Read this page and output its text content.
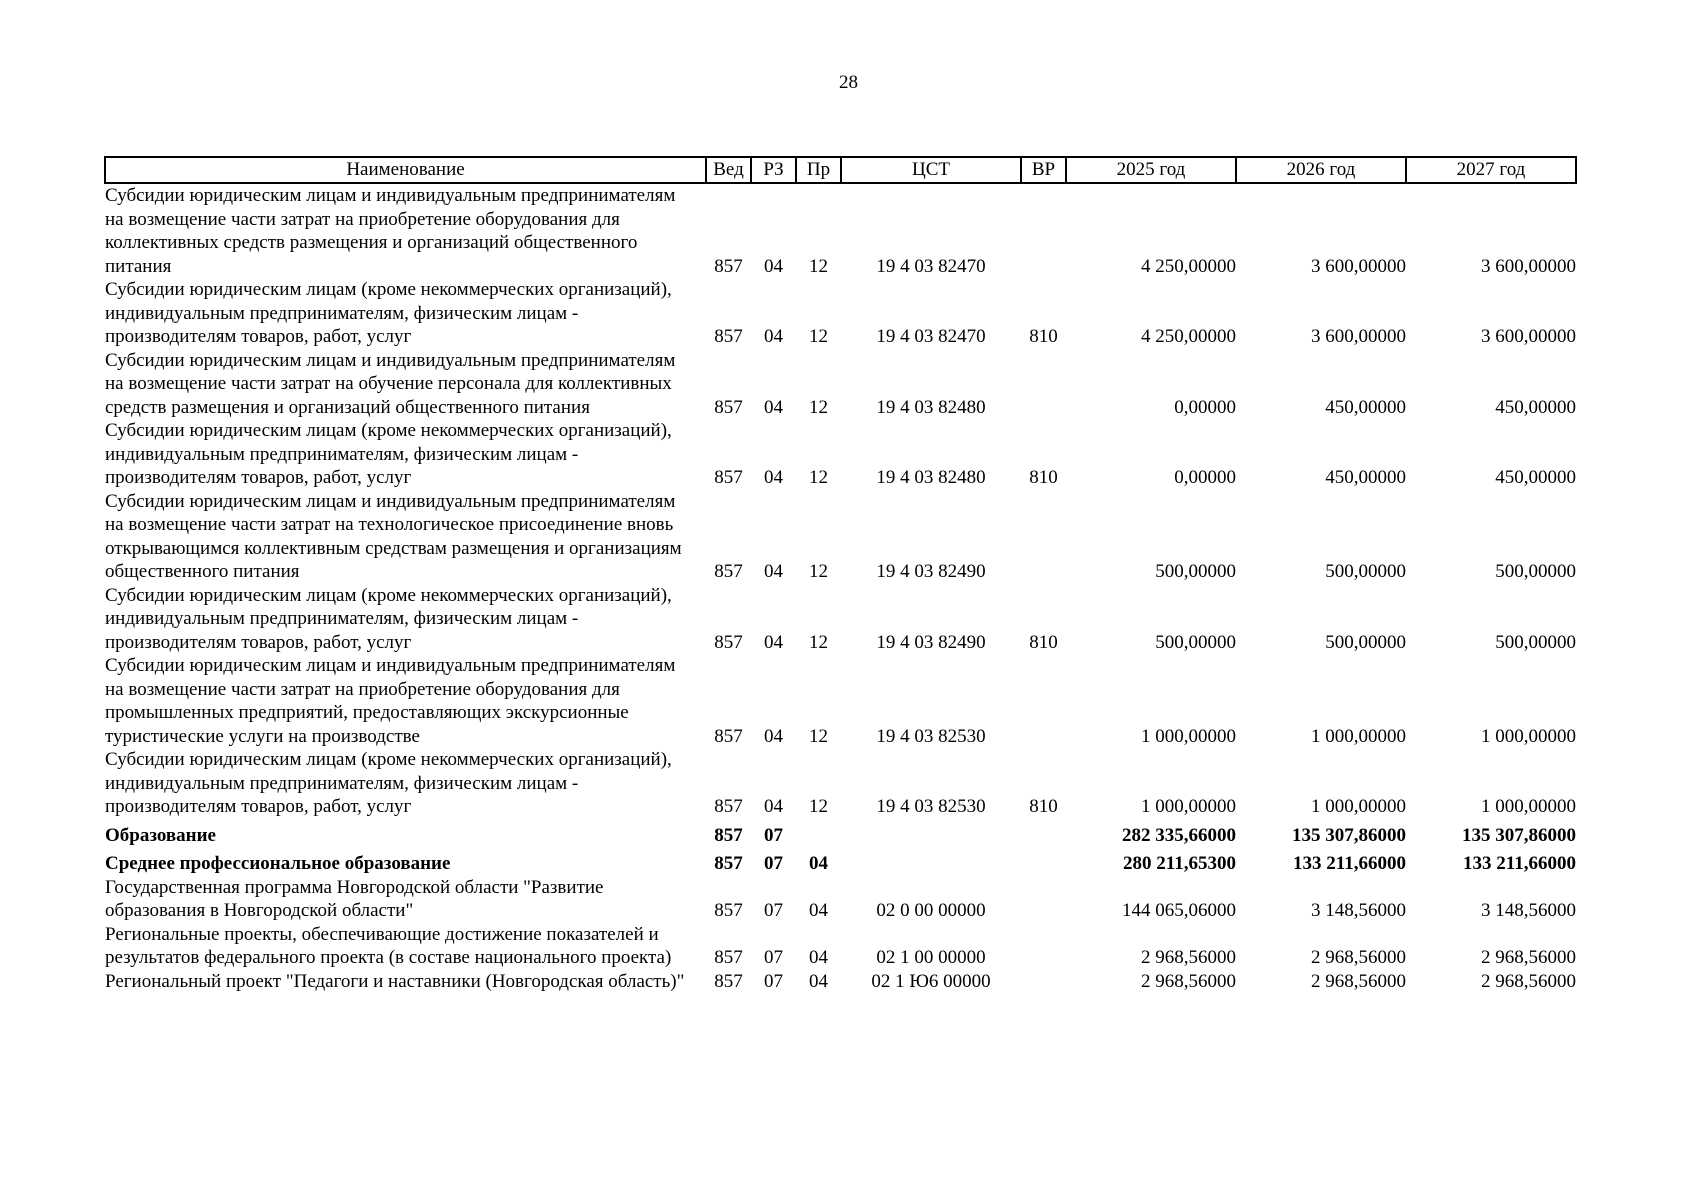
28
Наименование	Вед	РЗ	Пр	ЦСТ	ВР	2025 год	2026 год	2027 год
Субсидии юридическим лицам и индивидуальным предпринимателям на возмещение части затрат на приобретение оборудования для коллективных средств размещения и организаций общественного питания	857	04	12	19 4 03 82470		4 250,00000	3 600,00000	3 600,00000
Субсидии юридическим лицам (кроме некоммерческих организаций), индивидуальным предпринимателям, физическим лицам - производителям товаров, работ, услуг	857	04	12	19 4 03 82470	810	4 250,00000	3 600,00000	3 600,00000
Субсидии юридическим лицам и индивидуальным предпринимателям на возмещение части затрат на обучение персонала для коллективных средств размещения и организаций общественного питания	857	04	12	19 4 03 82480		0,00000	450,00000	450,00000
Субсидии юридическим лицам (кроме некоммерческих организаций), индивидуальным предпринимателям, физическим лицам - производителям товаров, работ, услуг	857	04	12	19 4 03 82480	810	0,00000	450,00000	450,00000
Субсидии юридическим лицам и индивидуальным предпринимателям на возмещение части затрат на технологическое присоединение вновь открывающимся коллективным средствам размещения и организациям общественного питания	857	04	12	19 4 03 82490		500,00000	500,00000	500,00000
Субсидии юридическим лицам (кроме некоммерческих организаций), индивидуальным предпринимателям, физическим лицам - производителям товаров, работ, услуг	857	04	12	19 4 03 82490	810	500,00000	500,00000	500,00000
Субсидии юридическим лицам и индивидуальным предпринимателям на возмещение части затрат на приобретение оборудования для промышленных предприятий, предоставляющих экскурсионные туристические услуги на производстве	857	04	12	19 4 03 82530		1 000,00000	1 000,00000	1 000,00000
Субсидии юридическим лицам (кроме некоммерческих организаций), индивидуальным предпринимателям, физическим лицам - производителям товаров, работ, услуг	857	04	12	19 4 03 82530	810	1 000,00000	1 000,00000	1 000,00000
Образование	857	07				282 335,66000	135 307,86000	135 307,86000
Среднее профессиональное образование	857	07	04			280 211,65300	133 211,66000	133 211,66000
Государственная программа Новгородской области "Развитие образования в Новгородской области"	857	07	04	02 0 00 00000		144 065,06000	3 148,56000	3 148,56000
Региональные проекты, обеспечивающие достижение показателей и результатов федерального проекта (в составе национального проекта)	857	07	04	02 1 00 00000		2 968,56000	2 968,56000	2 968,56000
Региональный проект "Педагоги и наставники (Новгородская область)"	857	07	04	02 1 Ю6 00000		2 968,56000	2 968,56000	2 968,56000
